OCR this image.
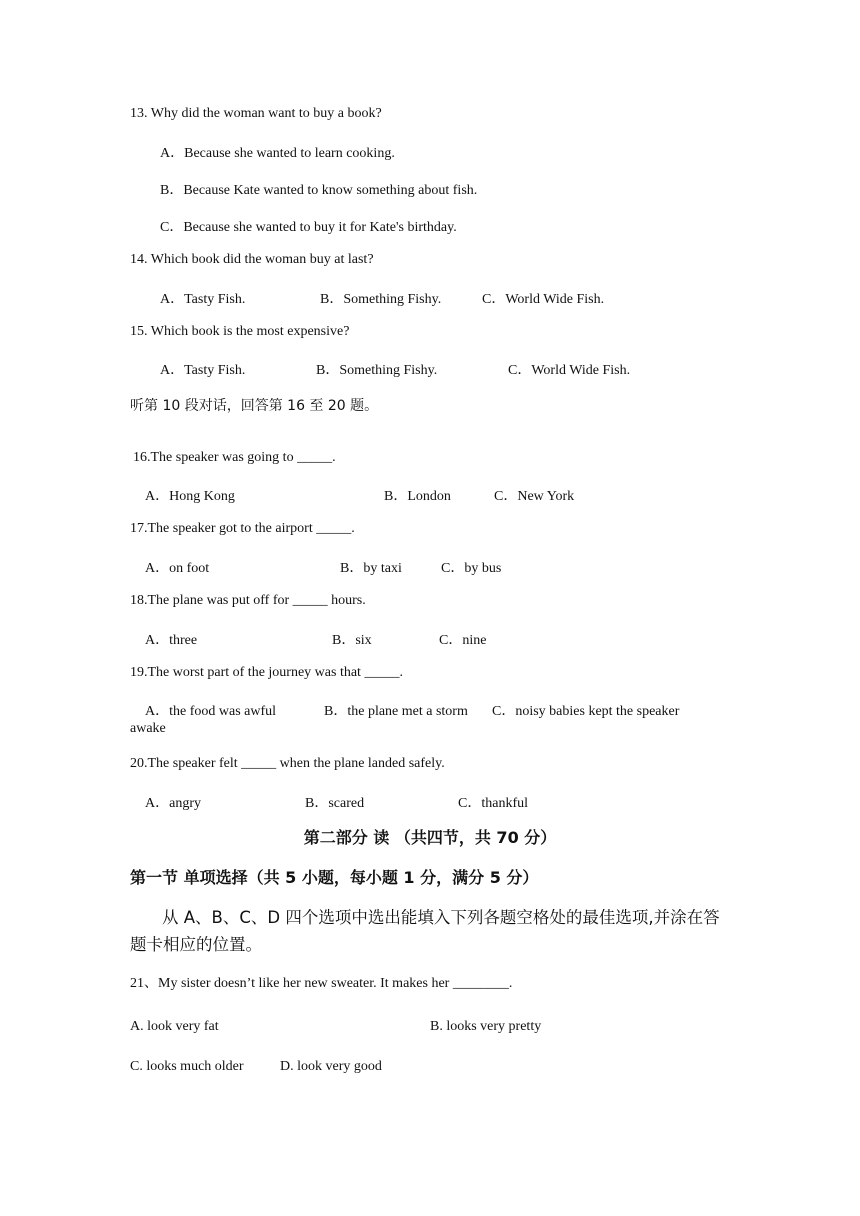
13. Why did the woman want to buy a book?
A．Because she wanted to learn cooking.
B．Because Kate wanted to know something about fish.
C．Because she wanted to buy it for Kate's birthday.
14. Which book did the woman buy at last?
A．Tasty Fish.	B．Something Fishy.	C．World Wide Fish.
15. Which book is the most expensive?
A．Tasty Fish.	B．Something Fishy.	C．World Wide Fish.
听第 10 段对话，回答第 16 至 20 题。
16.The speaker was going to _____.
A．Hong Kong	B．London	C．New York
17.The speaker got to the airport _____.
A．on foot	B．by taxi	C．by bus
18.The plane was put off for _____ hours.
A．three	B．six	C．nine
19.The worst part of the journey was that _____.
A．the food was awful	B．the plane met a storm C．noisy babies kept the speaker
awake
20.The speaker felt _____ when the plane landed safely.
A．angry	B．scared	C．thankful
第二部分 读 （共四节，共 70 分）
第一节 单项选择（共 5 小题，每小题 1 分，满分 5 分）
从 A、B、C、D 四个选项中选出能填入下列各题空格处的最佳选项,并涂在答题卡相应的位置。
21、My sister doesn’t like her new sweater. It makes her ________.
A. look very fat	B. looks very pretty
C. looks much older	D. look very good
